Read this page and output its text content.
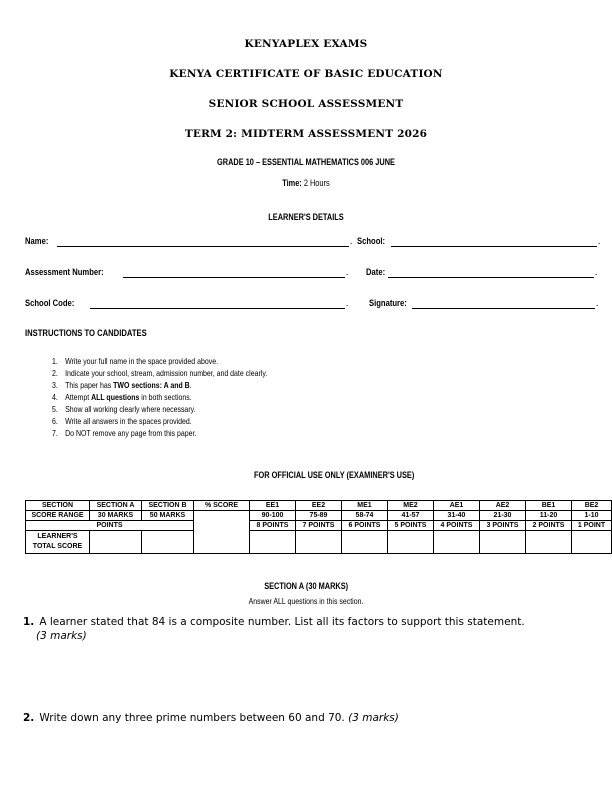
KENYAPLEX EXAMS
KENYA CERTIFICATE OF BASIC EDUCATION
SENIOR SCHOOL ASSESSMENT
TERM 2: MIDTERM ASSESSMENT 2026
GRADE 10 – ESSENTIAL MATHEMATICS 006 JUNE
Time: 2 Hours
LEARNER'S DETAILS
Name:	. School:	.
Assessment Number:	. Date:	.
School Code:	. Signature:	.
INSTRUCTIONS TO CANDIDATES
1. Write your full name in the space provided above.
2. Indicate your school, stream, admission number, and date clearly.
3. This paper has TWO sections: A and B.
4. Attempt ALL questions in both sections.
5. Show all working clearly where necessary.
6. Write all answers in the spaces provided.
7. Do NOT remove any page from this paper.
FOR OFFICIAL USE ONLY (EXAMINER'S USE)
SECTION	SECTION A	SECTION B	% SCORE	EE1	EE2	ME1	ME2	AE1	AE2	BE1	BE2
SCORE RANGE	30 MARKS	50 MARKS		90-100	75-89	58-74	41-57	31-40	21-30	11-20	1-10
POINTS				8 POINTS	7 POINTS	6 POINTS	5 POINTS	4 POINTS	3 POINTS	2 POINTS	1 POINT
LEARNER'S TOTAL SCORE											
SECTION A (30 MARKS)
Answer ALL questions in this section.
1. A learner stated that 84 is a composite number. List all its factors to support this statement.
(3 marks)
2. Write down any three prime numbers between 60 and 70. (3 marks)
